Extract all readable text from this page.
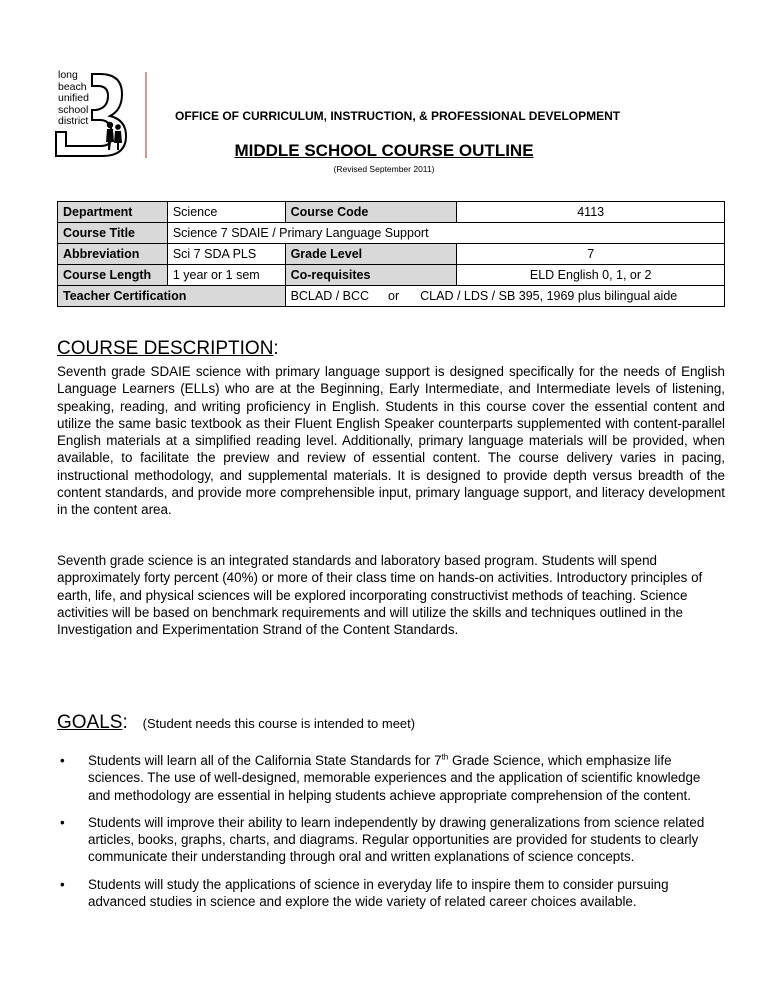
long
beach
unified
school
district	OFFICE OF CURRICULUM, INSTRUCTION, & PROFESSIONAL DEVELOPMENT
MIDDLE SCHOOL COURSE OUTLINE
(Revised September 2011)
Department	Science	Course Code	4113
Course Title	Science 7 SDAIE / Primary Language Support		
Abbreviation	Sci 7 SDA PLS	Grade Level	7
Course Length	1 year or 1 sem	Co-requisites	ELD English 0, 1, or 2
Teacher Certification		BCLAD / BCC or CLAD / LDS / SB 395, 1969 plus bilingual aide	
COURSE DESCRIPTION:

Seventh grade SDAIE science with primary language support is designed specifically for the needs of English Language Learners (ELLs) who are at the Beginning, Early Intermediate, and Intermediate levels of listening, speaking, reading, and writing proficiency in English. Students in this course cover the essential content and utilize the same basic textbook as their Fluent English Speaker counterparts supplemented with content-parallel English materials at a simplified reading level. Additionally, primary language materials will be provided, when available, to facilitate the preview and review of essential content. The course delivery varies in pacing, instructional methodology, and supplemental materials. It is designed to provide depth versus breadth of the content standards, and provide more comprehensible input, primary language support, and literacy development in the content area.

Seventh grade science is an integrated standards and laboratory based program. Students will spend approximately forty percent (40%) or more of their class time on hands-on activities. Introductory principles of earth, life, and physical sciences will be explored incorporating constructivist methods of teaching. Science activities will be based on benchmark requirements and will utilize the skills and techniques outlined in the Investigation and Experimentation Strand of the Content Standards.

GOALS: (Student needs this course is intended to meet)
• Students will learn all of the California State Standards for 7th Grade Science, which emphasize life sciences. The use of well-designed, memorable experiences and the application of scientific knowledge and methodology are essential in helping students achieve appropriate comprehension of the content.
• Students will improve their ability to learn independently by drawing generalizations from science related articles, books, graphs, charts, and diagrams. Regular opportunities are provided for students to clearly communicate their understanding through oral and written explanations of science concepts.
• Students will study the applications of science in everyday life to inspire them to consider pursuing advanced studies in science and explore the wide variety of related career choices available.
